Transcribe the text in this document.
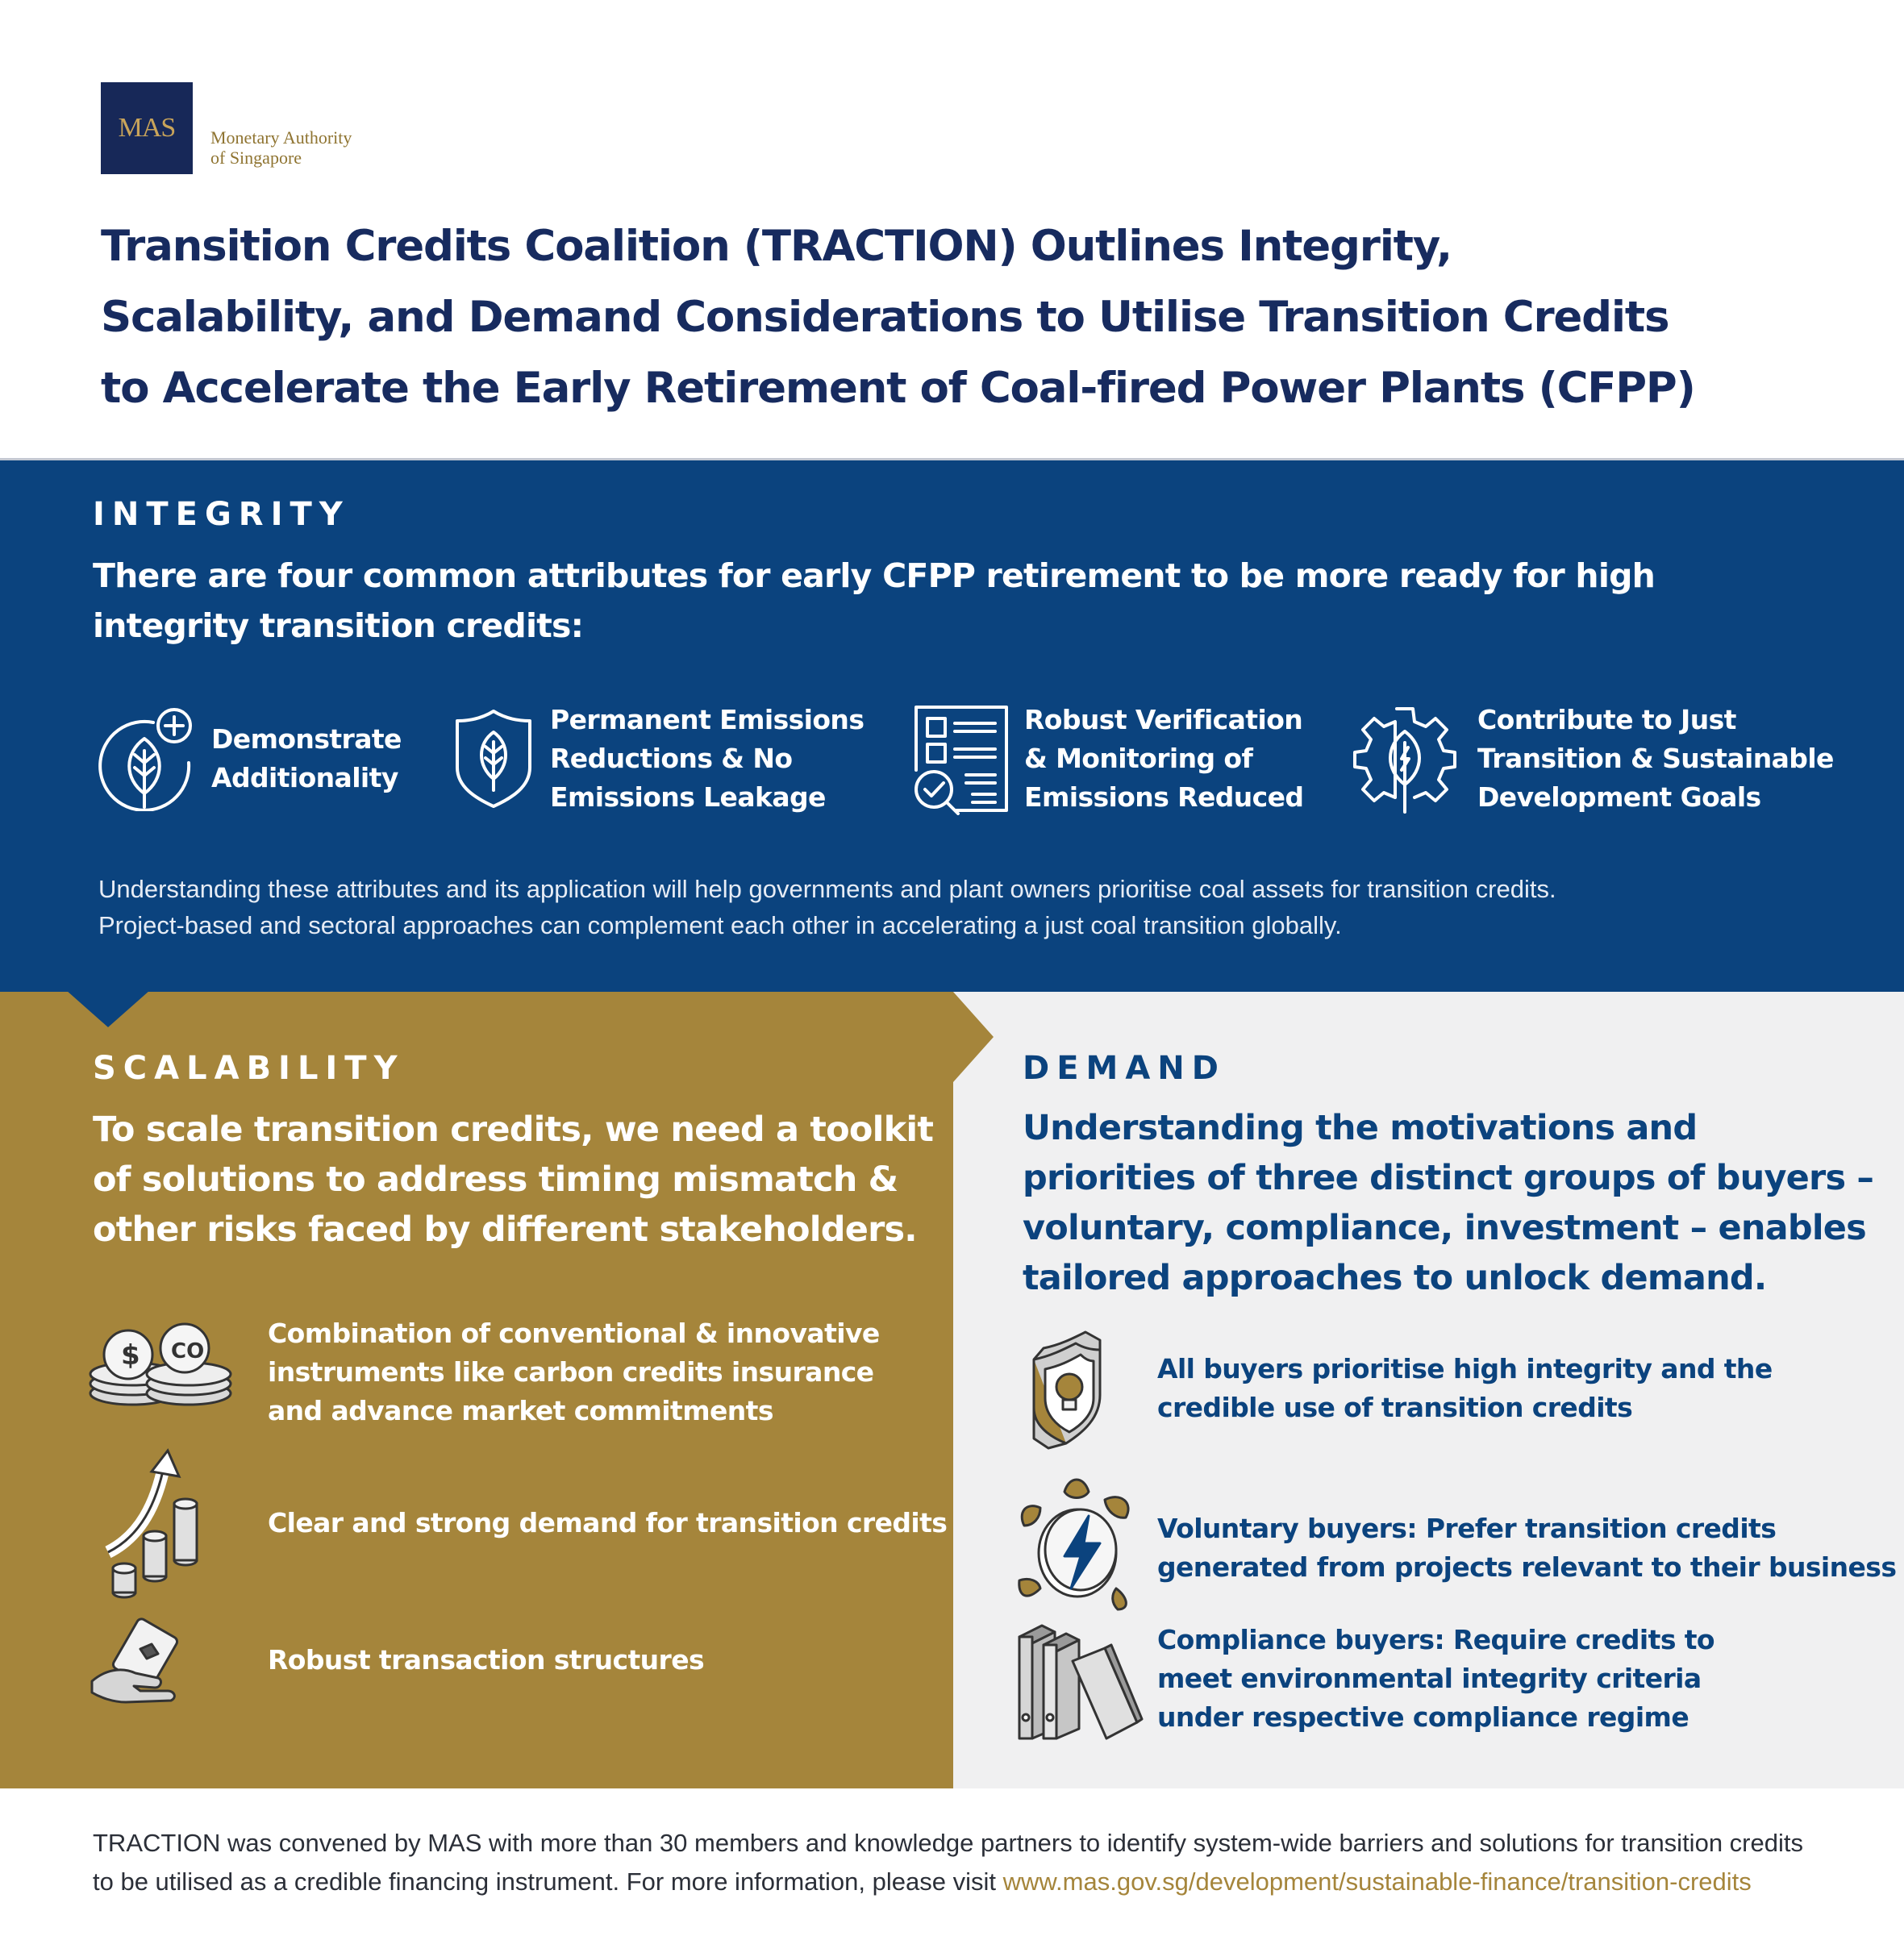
MAS Monetary Authority
of Singapore
Transition Credits Coalition (TRACTION) Outlines Integrity,
Scalability, and Demand Considerations to Utilise Transition Credits
to Accelerate the Early Retirement of Coal-fired Power Plants (CFPP)
INTEGRITY
There are four common attributes for early CFPP retirement to be more ready for high
integrity transition credits:
Demonstrate
Additionality
Permanent Emissions
Reductions & No
Emissions Leakage
Robust Verification
& Monitoring of
Emissions Reduced
Contribute to Just
Transition & Sustainable
Development Goals
Understanding these attributes and its application will help governments and plant owners prioritise coal assets for transition credits.
Project-based and sectoral approaches can complement each other in accelerating a just coal transition globally.
SCALABILITY
To scale transition credits, we need a toolkit
of solutions to address timing mismatch &
other risks faced by different stakeholders.
$ CO
Combination of conventional & innovative
instruments like carbon credits insurance
and advance market commitments
Clear and strong demand for transition credits
Robust transaction structures
DEMAND
Understanding the motivations and
priorities of three distinct groups of buyers –
voluntary, compliance, investment – enables
tailored approaches to unlock demand.
All buyers prioritise high integrity and the
credible use of transition credits
Voluntary buyers: Prefer transition credits
generated from projects relevant to their business
Compliance buyers: Require credits to
meet environmental integrity criteria
under respective compliance regime
TRACTION was convened by MAS with more than 30 members and knowledge partners to identify system-wide barriers and solutions for transition credits
to be utilised as a credible financing instrument. For more information, please visit www.mas.gov.sg/development/sustainable-finance/transition-credits
